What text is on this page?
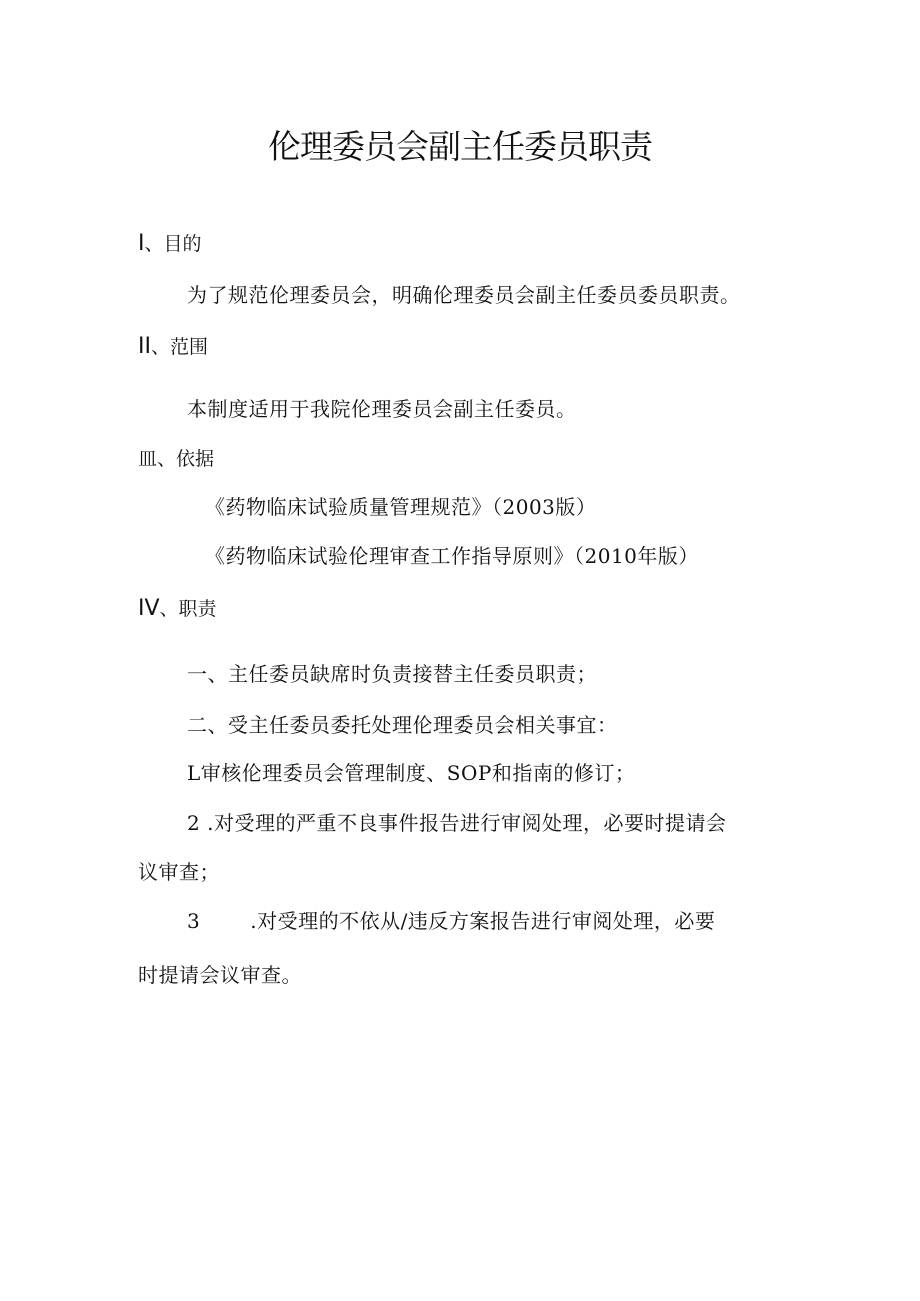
伦理委员会副主任委员职责
I、目的
为了规范伦理委员会，明确伦理委员会副主任委员委员职责。
II、范围
本制度适用于我院伦理委员会副主任委员。
皿、依据
《药物临床试验质量管理规范》（2003版）
《药物临床试验伦理审查工作指导原则》（2010年版）
IV、职责
一、主任委员缺席时负责接替主任委员职责；
二、受主任委员委托处理伦理委员会相关事宜：
L审核伦理委员会管理制度、SOP和指南的修订；
2 .对受理的严重不良事件报告进行审阅处理，必要时提请会
议审查；
3	.对受理的不依从/违反方案报告进行审阅处理，必要
时提请会议审查。
